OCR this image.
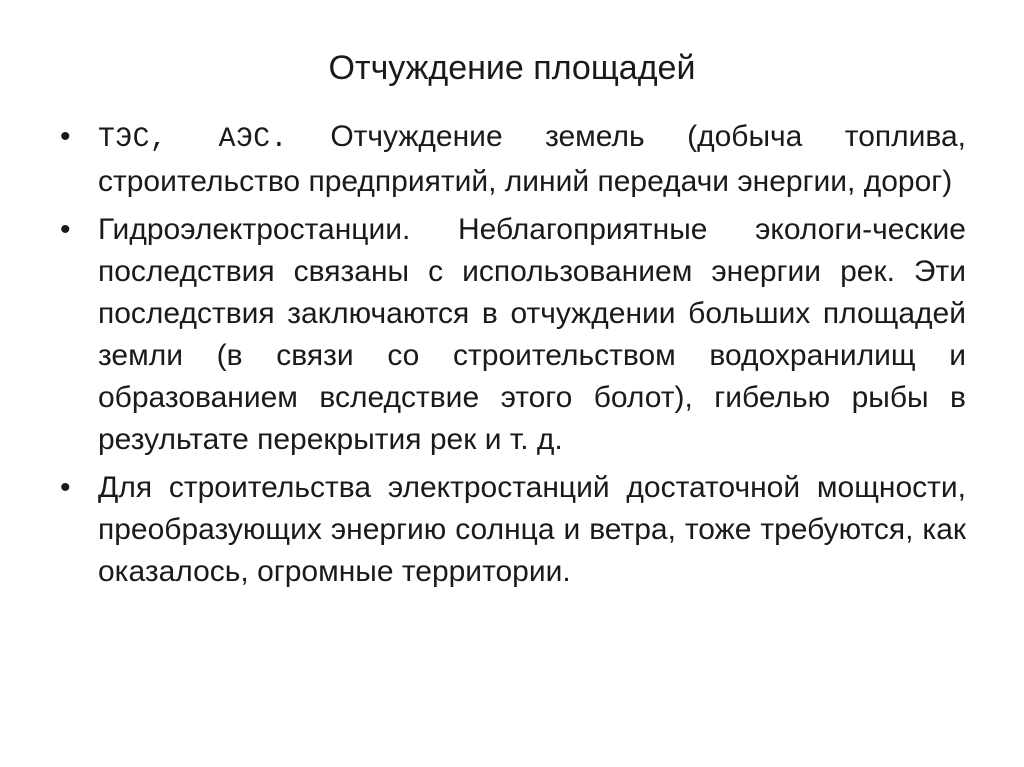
Отчуждение площадей
• ТЭС, АЭС. Отчуждение земель (добыча топлива, строительство предприятий, линий передачи энергии, дорог)
• Гидроэлектростанции. Неблагоприятные экологи-ческие последствия связаны с использованием энергии рек. Эти последствия заключаются в отчуждении больших площадей земли (в связи со строительством водохранилищ и образованием вследствие этого болот), гибелью рыбы в результате перекрытия рек и т. д.
• Для строительства электростанций достаточной мощности, преобразующих энергию солнца и ветра, тоже требуются, как оказалось, огромные территории.
